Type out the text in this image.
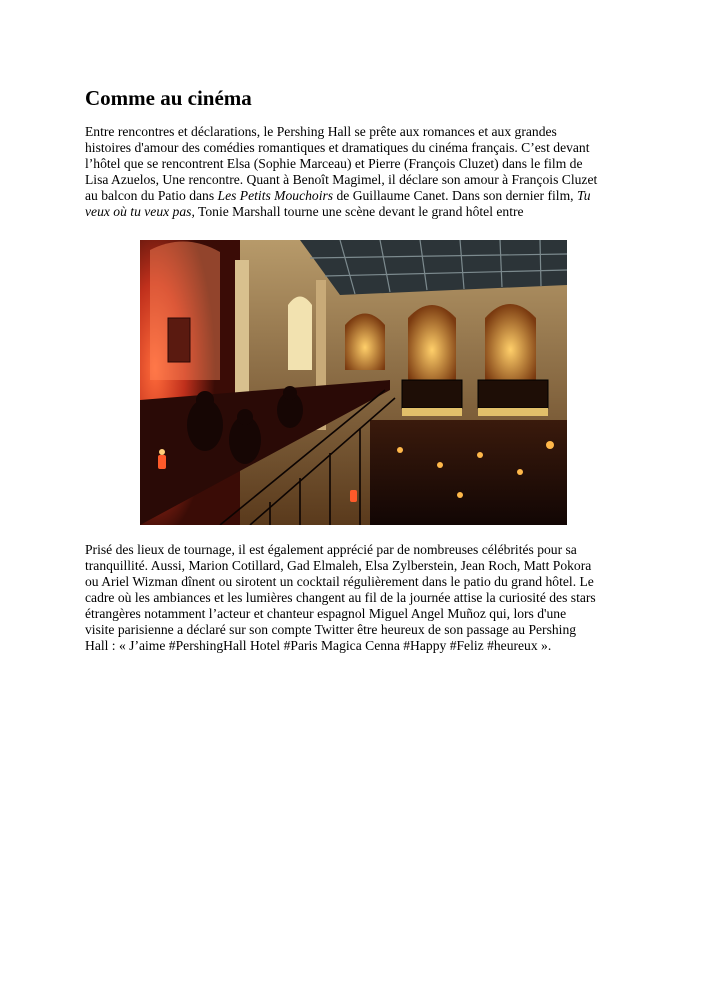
Comme au cinéma
Entre rencontres et déclarations, le Pershing Hall se prête aux romances et aux grandes
histoires d'amour des comédies romantiques et dramatiques du cinéma français. C’est devant
l’hôtel que se rencontrent Elsa (Sophie Marceau) et Pierre (François Cluzet) dans le film de
Lisa Azuelos, Une rencontre. Quant à Benoît Magimel, il déclare son amour à François Cluzet
au balcon du Patio dans Les Petits Mouchoirs de Guillaume Canet. Dans son dernier film, Tu
veux où tu veux pas, Tonie Marshall tourne une scène devant le grand hôtel entre
Prisé des lieux de tournage, il est également apprécié par de nombreuses célébrités pour sa
tranquillité. Aussi, Marion Cotillard, Gad Elmaleh, Elsa Zylberstein, Jean Roch, Matt Pokora
ou Ariel Wizman dînent ou sirotent un cocktail régulièrement dans le patio du grand hôtel. Le
cadre où les ambiances et les lumières changent au fil de la journée attise la curiosité des stars
étrangères notamment l’acteur et chanteur espagnol Miguel Angel Muñoz qui, lors d'une
visite parisienne a déclaré sur son compte Twitter être heureux de son passage au Pershing
Hall : « J’aime #PershingHall Hotel #Paris Magica Cenna #Happy #Feliz #heureux ».
